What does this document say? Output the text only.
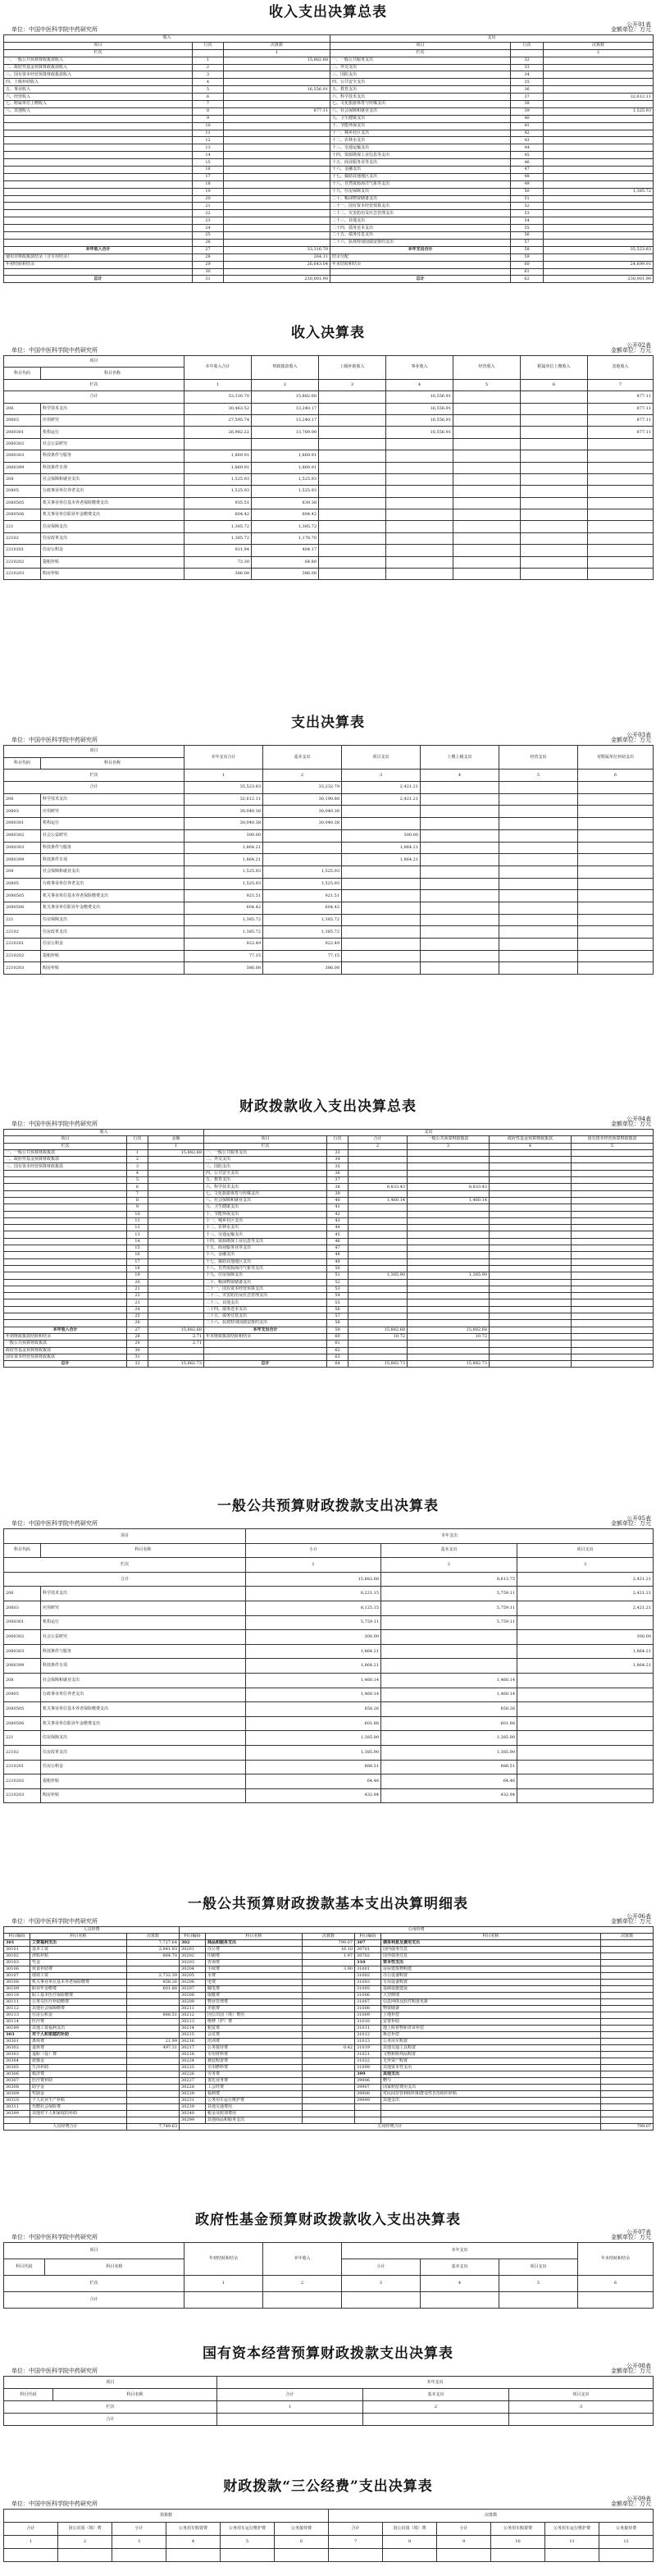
收入支出决算总表
单位：中国中医科学院中药研究所
公开01表
金额单位：万元
收入			支出		
项目	行次	决算数	项目	行次	决算数
栏次		1	栏次		2
一、一般公共预算财政拨款收入	1	15,882.68	一、一般公共服务支出	32	
二、政府性基金预算财政拨款收入	2		二、外交支出	33	
三、国有资本经营预算财政拨款收入	3		三、国防支出	34	
四、上级补助收入	4		四、公共安全支出	35	
五、事业收入	5	16,556.91	五、教育支出	36	
六、经营收入	6		六、科学技术支出	37	32,612.11
七、附属单位上缴收入	7		七、文化旅游体育与传媒支出	38	
八、其他收入	8	877.11	八、社会保障和就业支出	39	1,525.93
	9		九、卫生健康支出	40	
	10		十、节能环保支出	41	
	11		十一、城乡社区支出	42	
	12		十二、农林水支出	43	
	13		十三、交通运输支出	44	
	14		十四、资源勘探工业信息等支出	45	
	15		十五、商业服务业等支出	46	
	16		十六、金融支出	47	
	17		十七、援助其他地区支出	48	
	18		十八、自然资源海洋气象等支出	49	
	19		十九、住房保障支出	50	1,385.72
	20		二十、粮油物资储备支出	51	
	21		二十一、国有资本经营预算支出	52	
	22		二十二、灾害防治及应急管理支出	53	
	23		二十三、其他支出	54	
	24		二十四、债务还本支出	55	
	25		二十五、债务付息支出	56	
	26		二十六、抗疫特别国债安排的支出	57	
本年收入合计	27	33,316.70	本年支出合计	58	35,523.83
使用非财政拨款结余（含专用结余）	28	264.11	结余分配	59	
年初结转和结余	29	26,643.04	年末结转和结余	60	24,699.91
	30			61	
总计	31	230,001.90	总计	62	230,001.90
收入决算表
单位：中国中医科学院中药研究所
公开02表
金额单位：万元
项目		本年收入合计	财政拨款收入	上级补助收入	事业收入	经营收入	附属单位上缴收入	其他收入
科目代码	科目名称							
栏次		1	2	3	4	5	6	7
合计		33,316.70	15,882.68		16,556.91			877.11
206	科学技术支出	30,463.52	13,240.17		16,556.91			877.11
20603	应用研究	27,595.74	13,240.17		16,556.91			877.11
2060301	机构运行	26,982.22	13,789.00		16,556.91			877.11
2060302	社会公益研究							
2060303	科技条件与服务	1,869.91	1,869.91					
2060399	科技条件专项	1,869.91	1,869.91					
208	社会保障和就业支出	1,525.93	1,525.93					
20805	行政事业单位养老支出	1,525.93	1,525.93					
2080505	机关事业单位基本养老保险缴费支出	935.51	839.38					
2080506	机关事业单位职业年金缴费支出	604.42	604.42					
221	住房保障支出	1,385.72	1,385.72					
22102	住房改革支出	1,385.72	1,178.70					
2210201	住房公积金	921.94	404.17					
2210202	提租补贴	72.30	64.80					
2210203	购房补贴	386.08	386.08					
支出决算表
单位：中国中医科学院中药研究所
公开03表
金额单位：万元
项目		本年支出合计	基本支出	项目支出	上缴上级支出	经营支出	对附属单位补助支出
科目代码	科目名称						
栏次		1	2	3	4	5	6
合计		35,523.83	33,232.79	2,421.21			
206	科学技术支出	32,612.11	30,190.88	2,421.21			
20603	应用研究	30,040.38	30,040.38				
2060301	机构运行	30,040.38	30,040.38				
2060302	社会公益研究	300.00		300.00			
2060303	科技条件与服务	1,864.21		1,864.21			
2060399	科技条件专项	1,864.21		1,864.21			
208	社会保障和就业支出	1,525.93	1,525.93				
20805	行政事业单位养老支出	1,525.93	1,525.93				
2080505	机关事业单位基本养老保险缴费支出	921.51	921.51				
2080506	机关事业单位职业年金缴费支出	604.42	604.42				
221	住房保障支出	1,385.72	1,385.72				
22102	住房改革支出	1,385.72	1,385.72				
2210201	住房公积金	922.49	922.49				
2210202	提租补贴	77.15	77.15				
2210203	购房补贴	386.08	386.08				
财政拨款收入支出决算总表
单位：中国中医科学院中药研究所
公开04表
金额单位：万元
收入			支出					
项目	行次	金额	项目	行次	合计	一般公共预算财政拨款	政府性基金预算财政拨款	国有资本经营预算财政拨款
栏次		1	栏次		2	3	4	5
一、一般公共预算财政拨款	1	15,882.68	一、一般公共服务支出	33				
二、政府性基金预算财政拨款	2		二、外交支出	34				
三、国有资本经营预算财政拨款	3		三、国防支出	35				
	4		四、公共安全支出	36				
	5		五、教育支出	37				
	6		六、科学技术支出	38	8,833.43	8,833.43		
	7		七、文化旅游体育与传媒支出	39				
	8		八、社会保障和就业支出	40	1,460.14	1,460.14		
	9		九、卫生健康支出	41				
	10		十、节能环保支出	42				
	11		十一、城乡社区支出	43				
	12		十二、农林水支出	44				
	13		十三、交通运输支出	45				
	14		十四、资源勘探工业信息等支出	46				
	15		十五、商业服务业等支出	47				
	16		十六、金融支出	48				
	17		十七、援助其他地区支出	49				
	18		十八、自然资源海洋气象等支出	50				
	19		十九、住房保障支出	51	1,385.90	1,385.90		
	20		二十、粮油物资储备支出	52				
	21		二十一、国有资本经营预算支出	53				
	22		二十二、灾害防治及应急管理支出	54				
	23		二十三、其他支出	55				
	24		二十四、债务还本支出	56				
	25		二十五、债务付息支出	57				
	26		二十六、抗疫特别国债安排的支出	58				
本年收入合计	27	15,882.68	本年支出合计	59	15,882.68	15,882.68		
年初财政拨款结转和结余	28	2.71	年末财政拨款结转和结余	60	10.72	10.72		
一般公共预算财政拨款	29	2.71		61				
政府性基金预算财政拨款	30			62				
国有资本经营预算财政拨款	31			63				
总计	32	15,882.73	总计	64	15,882.73	15,882.73		
一般公共预算财政拨款支出决算表
单位：中国中医科学院中药研究所
公开05表
金额单位：万元
项目		本年支出		
科目代码	科目名称	小计	基本支出	项目支出
栏次		1	2	3
合计		15,882.68	8,613.75	2,421.21
206	科学技术支出	8,221.15	5,759.11	2,421.21
20603	应用研究	8,125.15	5,759.11	2,421.21
2060301	机构运行	5,759.11	5,759.11	
2060302	社会公益研究	300.00		300.00
2060303	科技条件与服务	1,864.21		1,864.21
2060399	科技条件专项	1,864.21		1,864.21
208	社会保障和就业支出	1,460.14	1,460.14	
20805	行政事业单位养老支出	1,460.14	1,460.14	
2080505	机关事业单位基本养老保险缴费支出	858.26	858.26	
2080506	机关事业单位职业年金缴费支出	601.88	601.88	
221	住房保障支出	1,385.90	1,385.90	
22102	住房改革支出	1,385.90	1,385.90	
2210201	住房公积金	888.51	888.51	
2210202	提租补贴	64.46	64.46	
2210203	购房补贴	432.94	432.94	
一般公共预算财政拨款基本支出决算明细表
单位：中国中医科学院中药研究所
公开06表
金额单位：万元
人员经费			公用经费					
科目编码	科目名称	决算数	科目编码	科目名称	决算数	科目编码	科目名称	决算数
301	工资福利支出	7,727.64	302	商品和服务支出	799.07	307	债务利息及费用支出	
30101	基本工资	2,941.93	30201	办公费	16.10	30701	国内债务付息	
30102	津贴补贴	864.70	30202	印刷费	1.97	30702	国外债务付息	
30103	奖金		30203	咨询费		310	资本性支出	
30106	伙食补助费		30204	手续费	3.90	31001	房屋建筑物购建	
30107	绩效工资	2,732.39	30205	水费		31002	办公设备购置	
30108	机关事业单位基本养老保险缴费	858.26	30206	电费		31003	专用设备购置	
30109	职业年金缴费	601.88	30207	邮电费		31005	基础设施建设	
30110	职工基本医疗保险缴费		30208	取暖费		31006	大型修缮	
30111	公务员医疗补助缴费		30209	物业管理费		31007	信息网络及软件购置更新	
30112	其他社会保障缴费		30211	差旅费		31008	物资储备	
30113	住房公积金	888.51	30212	因公出国（境）费用		31009	土地补偿	
30114	医疗费		30213	维修（护）费		31010	安置补助	
30199	其他工资福利支出		30214	租赁费		31011	地上附着物和青苗补偿	
303	对个人和家庭的补助		30215	会议费		31012	拆迁补偿	
30301	离休费	21.99	30216	培训费		31013	公务用车购置	
30302	退休费	497.31	30217	公务接待费	0.42	31019	其他交通工具购置	
30303	退职（役）费		30218	专用材料费		31021	文物和陈列品购置	
30304	抚恤金		30224	被装购置费		31022	无形资产购置	
30305	生活补助		30225	专用燃料费		31099	其他资本性支出	
30306	救济费		30226	劳务费		399	其他支出	
30307	医疗费补助		30227	委托业务费		39906	赠与	
30308	助学金		30228	工会经费		39907	国家赔偿费用支出	
30309	奖励金		30229	福利费		39908	对民间非营利组织和群众性自治组织补贴	
30310	个人农业生产补贴		30231	公务用车运行维护费		39999	其他支出	
30311	代缴社会保险费		30239	其他交通费用				
30399	其他对个人和家庭的补助		30240	税金及附加费用				
			30299	其他商品和服务支出				
人员经费合计		7,749.63	公用经费合计					799.07
政府性基金预算财政拨款收入支出决算表
单位：中国中医科学院中药研究所
公开07表
金额单位：万元
项目		年初结转和结余	本年收入	本年支出			年末结转和结余
科目代码	科目名称			小计	基本支出	项目支出	
栏次		1	2	3	4	5	6
合计							
国有资本经营预算财政拨款支出决算表
单位：中国中医科学院中药研究所
公开08表
金额单位：万元
项目		本年支出		
科目代码	科目名称	合计	基本支出	项目支出
栏次		1	2	3
合计				
财政拨款“三公经费”支出决算表
单位：中国中医科学院中药研究所
公开09表
金额单位：万元
预算数						决算数					
合计	因公出国（境）费	小计	公务用车购置费	公务用车运行维护费	公务接待费	合计	因公出国（境）费	小计	公务用车购置费	公务用车运行维护费	公务接待费
1	2	3	4	5	6	7	8	9	10	11	12
